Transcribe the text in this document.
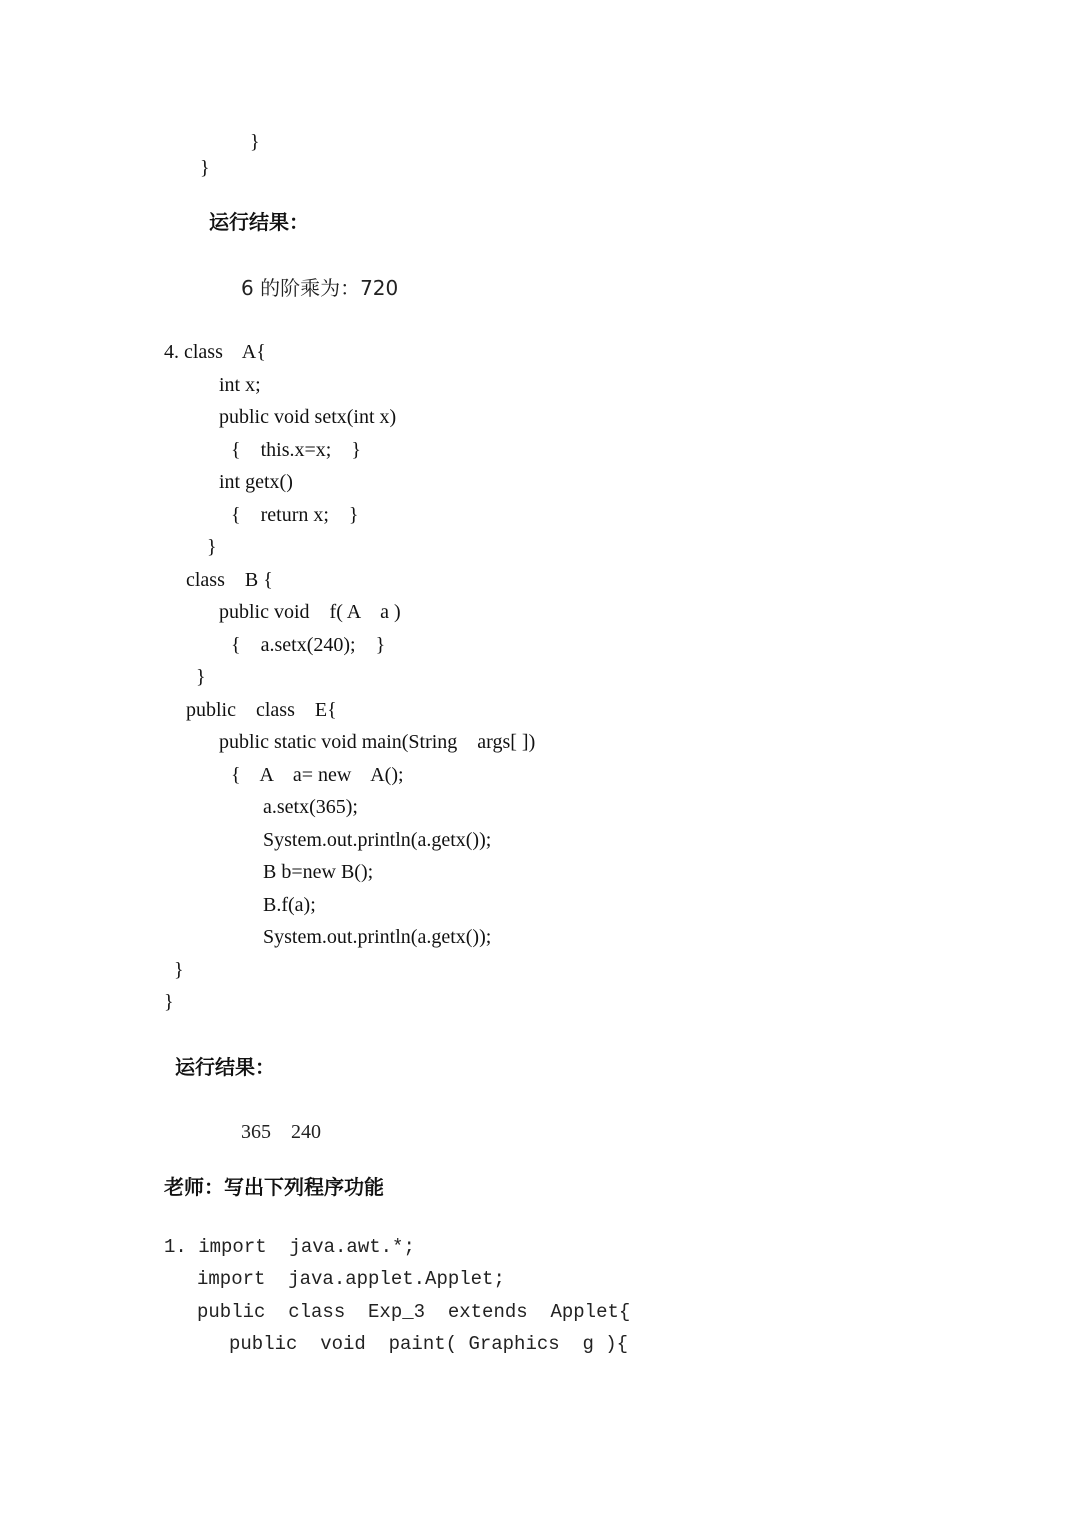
}
}
运行结果：
6 的阶乘为：720
4. class    A{
int x;
public void setx(int x)
{    this.x=x;    }
int getx()
{    return x;    }
}
class    B {
public void    f( A    a )
{    a.setx(240);    }
}
public    class    E{
public static void main(String    args[ ])
{    A    a= new    A();
a.setx(365);
System.out.println(a.getx());
B b=new B();
B.f(a);
System.out.println(a.getx());
}
}
运行结果：
365    240
老师：写出下列程序功能
1. import  java.awt.*;
import  java.applet.Applet;
public  class  Exp_3  extends  Applet{
public  void  paint( Graphics  g ){
